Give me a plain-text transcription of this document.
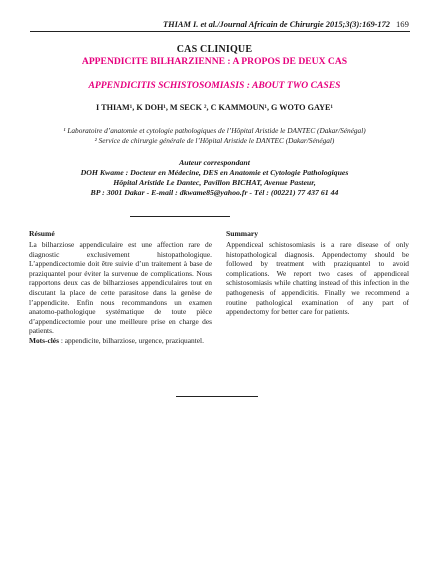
THIAM I. et al./Journal Africain de Chirurgie 2015;3(3):169-172 169
CAS CLINIQUE
APPENDICITE BILHARZIENNE : A PROPOS DE DEUX CAS
APPENDICITIS SCHISTOSOMIASIS : ABOUT TWO CASES
I THIAM¹, K DOH¹, M SECK ², C KAMMOUN¹, G WOTO GAYE¹
¹ Laboratoire d’anatomie et cytologie pathologiques de l’Hôpital Aristide le DANTEC (Dakar/Sénégal)
² Service de chirurgie générale de l’Hôpital Aristide le DANTEC (Dakar/Sénégal)
Auteur correspondant
DOH Kwame : Docteur en Médecine, DES en Anatomie et Cytologie Pathologiques
Hôpital Aristide Le Dantec, Pavillon BICHAT, Avenue Pasteur,
BP : 3001 Dakar - E-mail : dkwame85@yahoo.fr - Tél : (00221) 77 437 61 44
Résumé

La bilharziose appendiculaire est une affection rare de diagnostic exclusivement histopathologique. L’appendicectomie doit être suivie d’un traitement à base de praziquantel pour éviter la survenue de complications. Nous rapportons deux cas de bilharzioses appendiculaires tout en discutant la place de cette parasitose dans la genèse de l’appendicite. Enfin nous recommandons un examen anatomo-pathologique systématique de toute pièce d’appendicectomie pour une meilleure prise en charge des patients.

Mots-clés : appendicite, bilharziose, urgence, praziquantel.

Summary

Appendiceal schistosomiasis is a rare disease of only histopathological diagnosis. Appendectomy should be followed by treatment with praziquantel to avoid complications. We report two cases of appendiceal schistosomiasis while chatting instead of this infection in the pathogenesis of appendicitis. Finally we recommend a routine pathological examination of any part of appendectomy for better care for patients.
